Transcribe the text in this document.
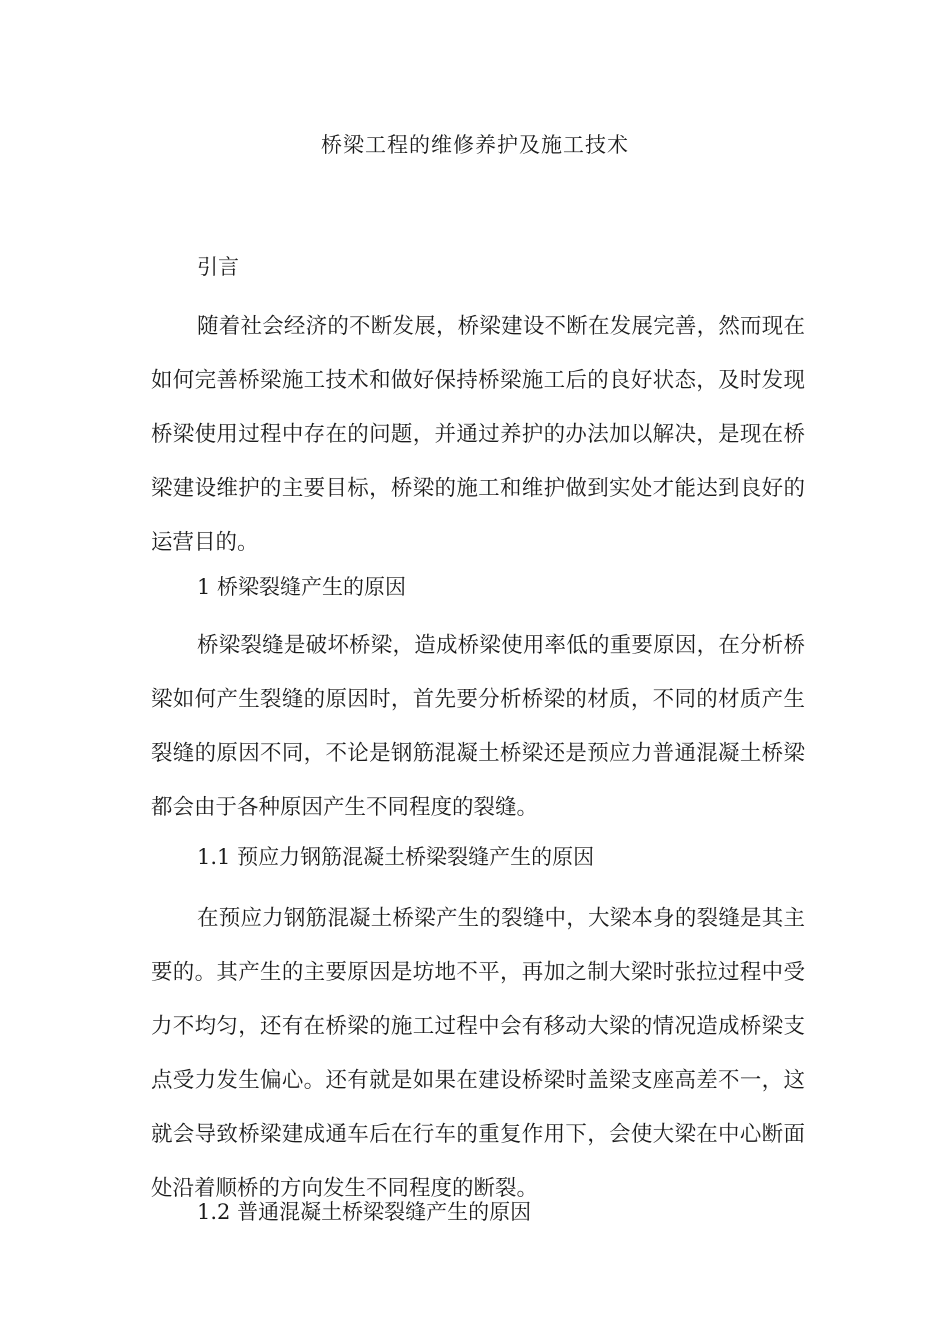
桥梁工程的维修养护及施工技术
引言

随着社会经济的不断发展，桥梁建设不断在发展完善，然而现在如何完善桥梁施工技术和做好保持桥梁施工后的良好状态，及时发现桥梁使用过程中存在的问题，并通过养护的办法加以解决，是现在桥梁建设维护的主要目标，桥梁的施工和维护做到实处才能达到良好的运营目的。

1 桥梁裂缝产生的原因

桥梁裂缝是破坏桥梁，造成桥梁使用率低的重要原因，在分析桥梁如何产生裂缝的原因时，首先要分析桥梁的材质，不同的材质产生裂缝的原因不同，不论是钢筋混凝土桥梁还是预应力普通混凝土桥梁都会由于各种原因产生不同程度的裂缝。

1.1 预应力钢筋混凝土桥梁裂缝产生的原因

在预应力钢筋混凝土桥梁产生的裂缝中，大梁本身的裂缝是其主要的。其产生的主要原因是坊地不平，再加之制大梁时张拉过程中受力不均匀，还有在桥梁的施工过程中会有移动大梁的情况造成桥梁支点受力发生偏心。还有就是如果在建设桥梁时盖梁支座高差不一，这就会导致桥梁建成通车后在行车的重复作用下，会使大梁在中心断面处沿着顺桥的方向发生不同程度的断裂。

1.2 普通混凝土桥梁裂缝产生的原因
